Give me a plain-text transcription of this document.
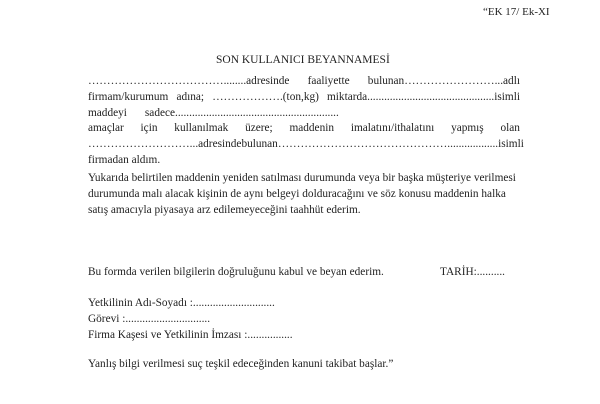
“EK 17/ Ek-XI
SON KULLANICI BEYANNAMESİ
………………………………........adresinde faaliyette bulunan……………………...adlı
firmam/kurumum adına; ……………….(ton,kg) miktarda.............................................isimli
maddeyi sadece..........................................................
amaçlar için kullanılmak üzere; maddenin imalatını/ithalatını yapmış olan
………………………...adresinde bulunan ………………………………………..................isimli
firmadan aldım.
Yukarıda belirtilen maddenin yeniden satılması durumunda veya bir başka müşteriye verilmesi
durumunda malı alacak kişinin de aynı belgeyi dolduracağını ve söz konusu maddenin halka
satış amacıyla piyasaya arz edilemeyeceğini taahhüt ederim.
Bu formda verilen bilgilerin doğruluğunu kabul ve beyan ederim.	TARİH:..........
Yetkilinin Adı-Soyadı :.............................
Görevi :..............................
Firma Kaşesi ve Yetkilinin İmzası :................
Yanlış bilgi verilmesi suç teşkil edeceğinden kanuni takibat başlar.”
